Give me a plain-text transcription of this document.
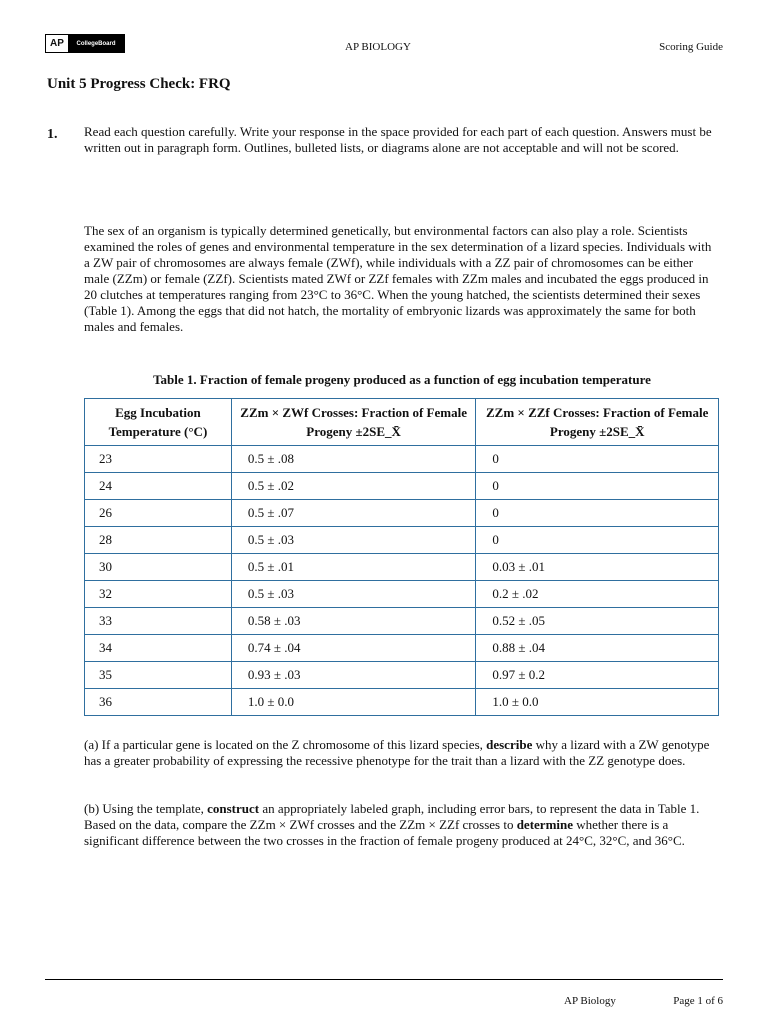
AP	CollegeBoard	AP BIOLOGY	Scoring Guide
Unit 5 Progress Check: FRQ
1. Read each question carefully. Write your response in the space provided for each part of each question. Answers must be written out in paragraph form. Outlines, bulleted lists, or diagrams alone are not acceptable and will not be scored.

The sex of an organism is typically determined genetically, but environmental factors can also play a role. Scientists examined the roles of genes and environmental temperature in the sex determination of a lizard species. Individuals with a ZW pair of chromosomes are always female (ZWf), while individuals with a ZZ pair of chromosomes can be either male (ZZm) or female (ZZf). Scientists mated ZWf or ZZf females with ZZm males and incubated the eggs produced in 20 clutches at temperatures ranging from 23°C to 36°C. When the young hatched, the scientists determined their sexes (Table 1). Among the eggs that did not hatch, the mortality of embryonic lizards was approximately the same for both males and females.

Table 1. Fraction of female progeny produced as a function of egg incubation temperature
Egg Incubation Temperature (°C)	ZZm × ZWf Crosses: Fraction of Female Progeny ±2SE_X̄	ZZm × ZZf Crosses: Fraction of Female Progeny ±2SE_X̄
23	0.5 ± .08	0
24	0.5 ± .02	0
26	0.5 ± .07	0
28	0.5 ± .03	0
30	0.5 ± .01	0.03 ± .01
32	0.5 ± .03	0.2 ± .02
33	0.58 ± .03	0.52 ± .05
34	0.74 ± .04	0.88 ± .04
35	0.93 ± .03	0.97 ± 0.2
36	1.0 ± 0.0	1.0 ± 0.0

(a) If a particular gene is located on the Z chromosome of this lizard species, describe why a lizard with a ZW genotype has a greater probability of expressing the recessive phenotype for the trait than a lizard with the ZZ genotype does.

(b) Using the template, construct an appropriately labeled graph, including error bars, to represent the data in Table 1. Based on the data, compare the ZZm × ZWf crosses and the ZZm × ZZf crosses to determine whether there is a significant difference between the two crosses in the fraction of female progeny produced at 24°C, 32°C, and 36°C.

AP Biology	Page 1 of 6
